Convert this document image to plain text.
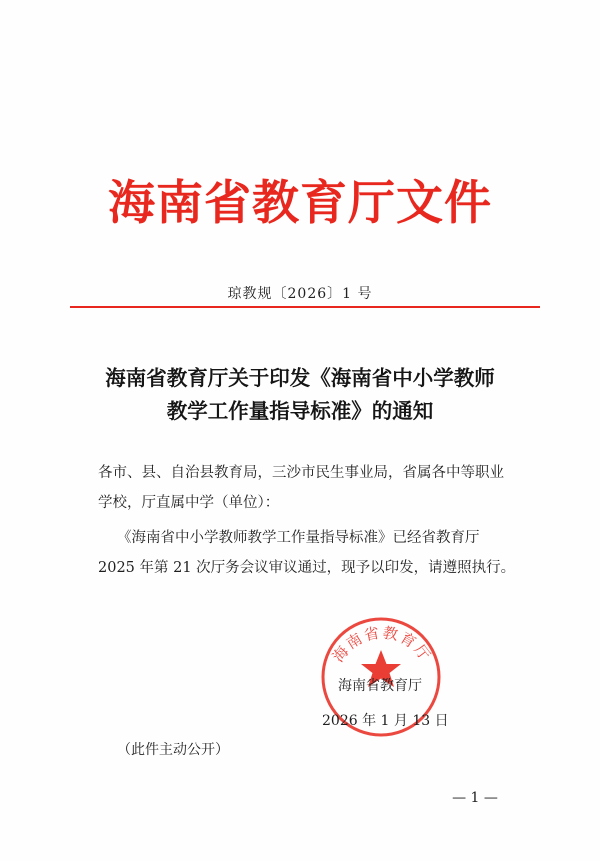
海南省教育厅文件
琼教规〔2026〕1 号
海南省教育厅关于印发《海南省中小学教师
教学工作量指导标准》的通知
各市、县、自治县教育局，三沙市民生事业局，省属各中等职业
学校，厅直属中学（单位）：
《海南省中小学教师教学工作量指导标准》已经省教育厅
2025 年第 21 次厅务会议审议通过，现予以印发，请遵照执行。
海南省教育厅
海南省教育厅
2026 年 1 月 13 日
（此件主动公开）
— 1 —
